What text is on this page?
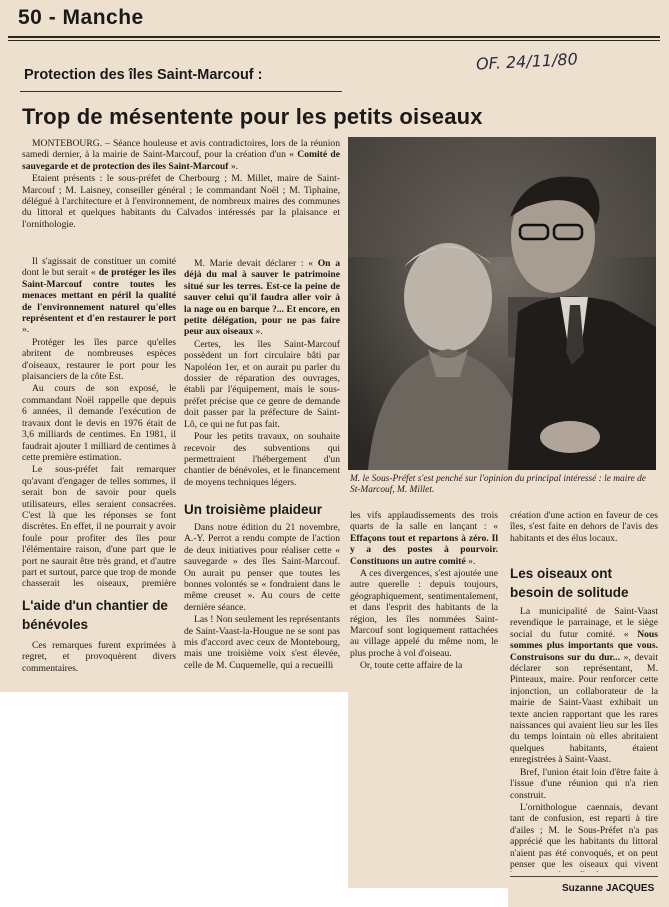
50 - Manche
OF. 24/11/80
Protection des îles Saint-Marcouf :
Trop de mésentente pour les petits oiseaux

MONTEBOURG. – Séance houleuse et avis contradictoires, lors de la réunion samedi dernier, à la mairie de Saint-Marcouf, pour la création d'un « Comité de sauvegarde et de protection des îles Saint-Marcouf ».

Etaient présents : le sous-préfet de Cherbourg ; M. Millet, maire de Saint-Marcouf ; M. Laisney, conseiller général ; le commandant Noël ; M. Tiphaine, délégué à l'architecture et à l'environnement, de nombreux maires des communes du littoral et quelques habitants du Calvados intéressés par la plaisance et l'ornithologie.

Il s'agissait de constituer un comité dont le but serait « de protéger les îles Saint-Marcouf contre toutes les menaces mettant en péril la qualité de l'environnement naturel qu'elles représentent et d'en restaurer le port ».

Protéger les îles parce qu'elles abritent de nombreuses espèces d'oiseaux, restaurer le port pour les plaisanciers de la côte Est.

Au cours de son exposé, le commandant Noël rappelle que depuis 6 années, il demande l'exécution de travaux dont le devis en 1976 était de 3,6 milliards de centimes. En 1981, il faudrait ajouter 1 milliard de centimes à cette première estimation.

Le sous-préfet fait remarquer qu'avant d'engager de telles sommes, il serait bon de savoir pour quels utilisateurs, elles seraient consacrées. C'est là que les réponses se font discrètes. En effet, il ne pourrait y avoir foule pour profiter des îles pour l'élémentaire raison, d'une part que le port ne saurait être très grand, et d'autre part et surtout, parce que trop de monde chasserait les oiseaux, première

L'aide d'un chantier de bénévoles

Ces remarques furent exprimées à regret, et provoquèrent divers commentaires.

M. Marie devait déclarer : « On a déjà du mal à sauver le patrimoine situé sur les terres. Est-ce la peine de sauver celui qu'il faudra aller voir à la nage ou en barque ?... Et encore, en petite délégation, pour ne pas faire peur aux oiseaux ».

Certes, les îles Saint-Marcouf possèdent un fort circulaire bâti par Napoléon 1er, et on aurait pu parler du dossier de réparation des ouvrages, établi par l'équipement, mais le sous-préfet précise que ce genre de demande doit passer par la préfecture de Saint-Lô, ce qui ne fut pas fait.

Pour les petits travaux, on souhaite recevoir des subventions qui permettraient l'hébergement d'un chantier de bénévoles, et le financement de moyens techniques légers.

Un troisième plaideur

Dans notre édition du 21 novembre, A.-Y. Perrot a rendu compte de l'action de deux initiatives pour réaliser cette « sauvegarde » des îles Saint-Marcouf. On aurait pu penser que toutes les bonnes volontés se « fondraient dans le même creuset ». Au cours de cette dernière séance.

Las ! Non seulement les représentants de Saint-Vaast-la-Hougue ne se sont pas mis d'accord avec ceux de Montebourg, mais une troisième voix s'est élevée, celle de M. Cuquemelle, qui a recueilli

M. le Sous-Préfet s'est penché sur l'opinion du principal intéressé : le maire de St-Marcouf, M. Millet.

les vifs applaudissements des trois quarts de la salle en lançant : « Effaçons tout et repartons à zéro. Il y a des postes à pourvoir. Constituons un autre comité ».

A ces divergences, s'est ajoutée une autre querelle : depuis toujours, géographiquement, sentimentalement, et dans l'esprit des habitants de la région, les îles nommées Saint-Marcouf sont logiquement rattachées au village appelé du même nom, le plus proche à vol d'oiseau.

Or, toute cette affaire de la

création d'une action en faveur de ces îles, s'est faite en dehors de l'avis des habitants et des élus locaux.

Les oiseaux ont besoin de solitude

La municipalité de Saint-Vaast revendique le parrainage, et le siège social du futur comité. « Nous sommes plus importants que vous. Construisons sur du dur... », devait déclarer son représentant, M. Pinteaux, maire. Pour renforcer cette injonction, un collaborateur de la mairie de Saint-Vaast exhibait un texte ancien rapportant que les rares naissances qui avaient lieu sur les îles du temps lointain où elles abritaient quelques habitants, étaient enregistrées à Saint-Vaast.

Bref, l'union était loin d'être faite à l'issue d'une réunion qui n'a rien construit.

L'ornithologue caennais, devant tant de confusion, est reparti à tire d'ailes ; M. le Sous-Préfet n'a pas apprécié que les habitants du littoral n'aient pas été convoqués, et on peut penser que les oiseaux qui vivent

Suzanne JACQUES
